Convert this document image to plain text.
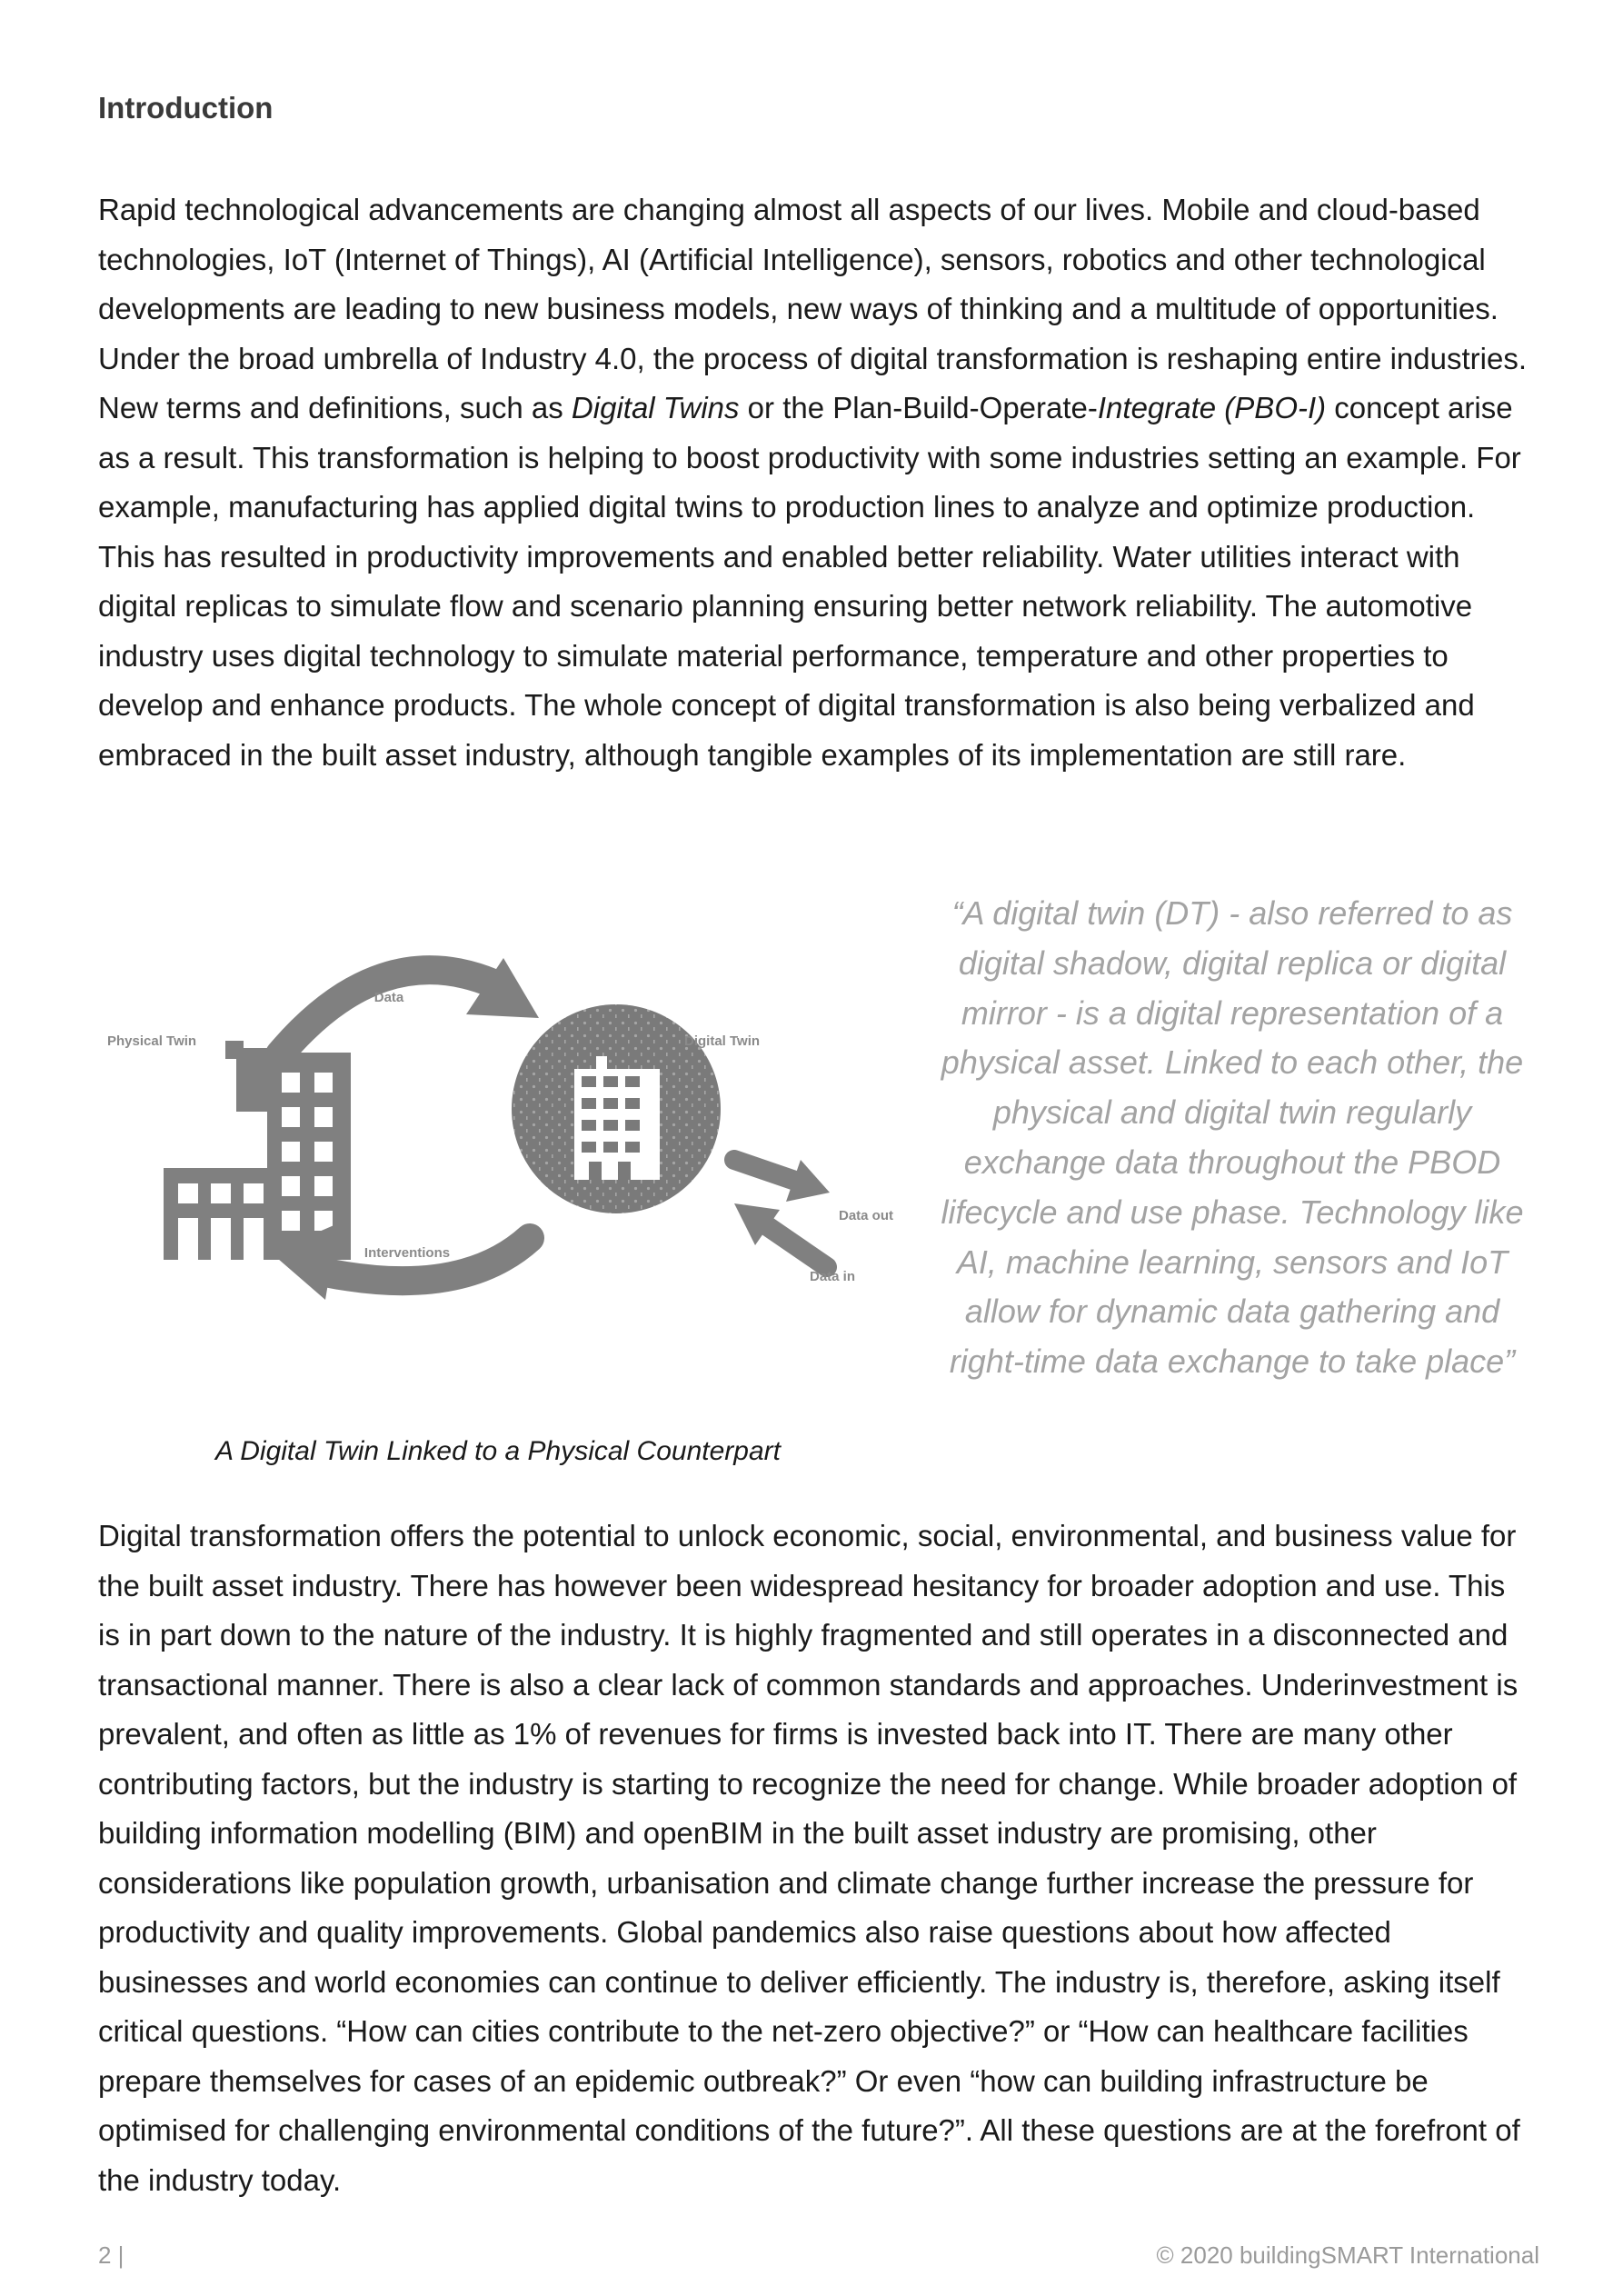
Introduction

Rapid technological advancements are changing almost all aspects of our lives. Mobile and cloud-based technologies, IoT (Internet of Things), AI (Artificial Intelligence), sensors, robotics and other technological developments are leading to new business models, new ways of thinking and a multitude of opportunities. Under the broad umbrella of Industry 4.0, the process of digital transformation is reshaping entire industries. New terms and definitions, such as Digital Twins or the Plan-Build-Operate-Integrate (PBO-I) concept arise as a result. This transformation is helping to boost productivity with some industries setting an example. For example, manufacturing has applied digital twins to production lines to analyze and optimize production. This has resulted in productivity improvements and enabled better reliability. Water utilities interact with digital replicas to simulate flow and scenario planning ensuring better network reliability. The automotive industry uses digital technology to simulate material performance, temperature and other properties to develop and enhance products. The whole concept of digital transformation is also being verbalized and embraced in the built asset industry, although tangible examples of its implementation are still rare.

Physical Twin
Data
Digital Twin
Data out
Data in
Interventions

A Digital Twin Linked to a Physical Counterpart

“A digital twin (DT) - also referred to as digital shadow, digital replica or digital mirror - is a digital representation of a physical asset. Linked to each other, the physical and digital twin regularly exchange data throughout the PBOD lifecycle and use phase. Technology like AI, machine learning, sensors and IoT allow for dynamic data gathering and right-time data exchange to take place”

Digital transformation offers the potential to unlock economic, social, environmental, and business value for the built asset industry. There has however been widespread hesitancy for broader adoption and use. This is in part down to the nature of the industry. It is highly fragmented and still operates in a disconnected and transactional manner. There is also a clear lack of common standards and approaches. Underinvestment is prevalent, and often as little as 1% of revenues for firms is invested back into IT. There are many other contributing factors, but the industry is starting to recognize the need for change. While broader adoption of building information modelling (BIM) and openBIM in the built asset industry are promising, other considerations like population growth, urbanisation and climate change further increase the pressure for productivity and quality improvements. Global pandemics also raise questions about how affected businesses and world economies can continue to deliver efficiently. The industry is, therefore, asking itself critical questions. “How can cities contribute to the net-zero objective?” or “How can healthcare facilities prepare themselves for cases of an epidemic outbreak?” Or even “how can building infrastructure be optimised for challenging environmental conditions of the future?”. All these questions are at the forefront of the industry today.

2 |	© 2020 buildingSMART International
